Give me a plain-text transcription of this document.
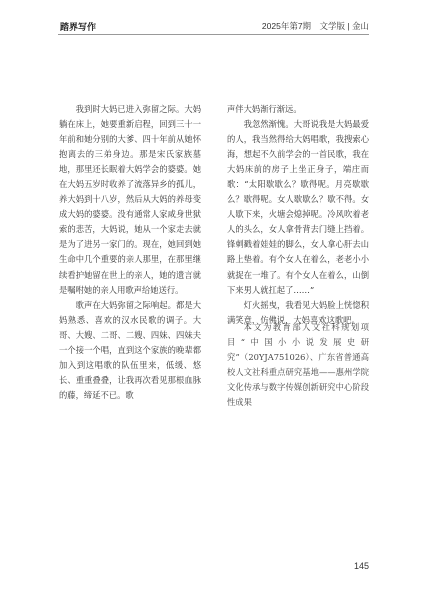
踏界写作	2025年第7期　文学版 | 金山

我到时大妈已进入弥留之际。大妈躺在床上，她要重新启程，回到三十一年前和她分别的大爹、四十年前从她怀抱离去的三弟身边。那是宋氏家族墓地，那里还长眠着大妈学会的婆婆。她在大妈五岁时收养了流落异乡的孤儿，养大妈到十八岁，然后从大妈的养母变成大妈的婆婆。没有通常人家咸身世狱索的悲苦，大妈说，她从一个家走去就是为了进另一家门的。现在，她回到她生命中几个重要的亲人那里，在那里继续看护她留在世上的亲人，她的遗言就是嘱咐她的亲人用歌声给她送行。

歌声在大妈弥留之际响起。都是大妈熟悉、喜欢的汉水民歌的调子。大哥、大嫂、二哥、二嫂、四妹、四妹夫一个接一个唱，直到这个家族的晚辈都加入到这唱歌的队伍里来，低缓、悠长、重重叠叠，让我再次看见那根血脉的藤，缔延不已。歌

声伴大妈渐行渐远。

我忽然渐愧。大哥说我是大妈最爱的人，我当然得给大妈唱歌，我搜索心海，想起不久前学会的一首民歌，我在大妈床前的房子上坐正身子，端庄而歌：“太阳歇歇么？歇得呢。月亮歇歇么？歇得呢。女人歇歇么？歇不得。女人歇下来，火塘会熄掉呢。冷风吹着老人的头么，女人拿骨背去门缝上挡着。锋刺戳着娃娃的脚么，女人拿心肝去山路上垫着。有个女人在着么，老老小小就捉在一堆了。有个女人在着么，山倒下来男人就扛起了……”

灯火摇曳，我看见大妈脸上恍惚积满笑意，仿佛说，大妈喜欢这歌吧。

本文为教育部人文社科规划项目“中国小小说发展史研究”（20YJA751026）、广东省普通高校人文社科重点研究基地——惠州学院文化传承与数字传媒创新研究中心阶段性成果
145
